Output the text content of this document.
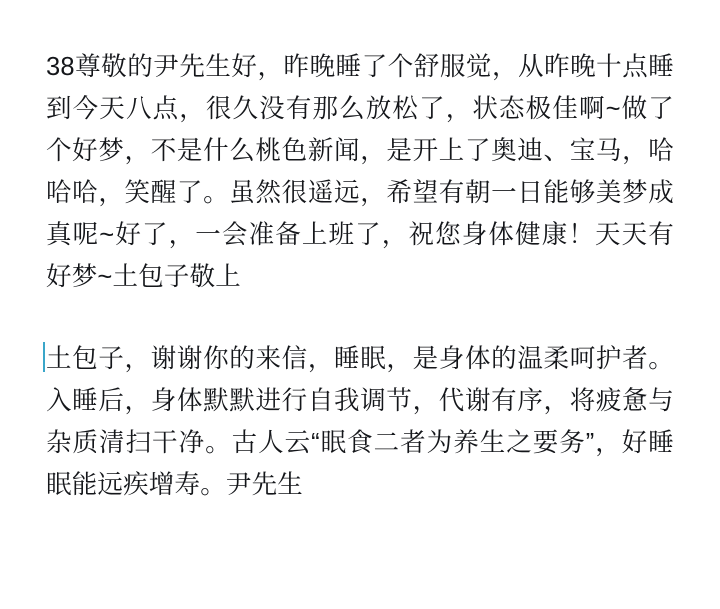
38尊敬的尹先生好，昨晚睡了个舒服觉，从昨晚十点睡到今天八点，很久没有那么放松了，状态极佳啊~做了个好梦，不是什么桃色新闻，是开上了奥迪、宝马，哈哈哈，笑醒了。虽然很遥远，希望有朝一日能够美梦成真呢~好了，一会准备上班了，祝您身体健康！天天有好梦~土包子敬上

土包子，谢谢你的来信，睡眠，是身体的温柔呵护者。入睡后，身体默默进行自我调节，代谢有序，将疲惫与杂质清扫干净。古人云“眠食二者为养生之要务”，好睡眠能远疾增寿。尹先生
